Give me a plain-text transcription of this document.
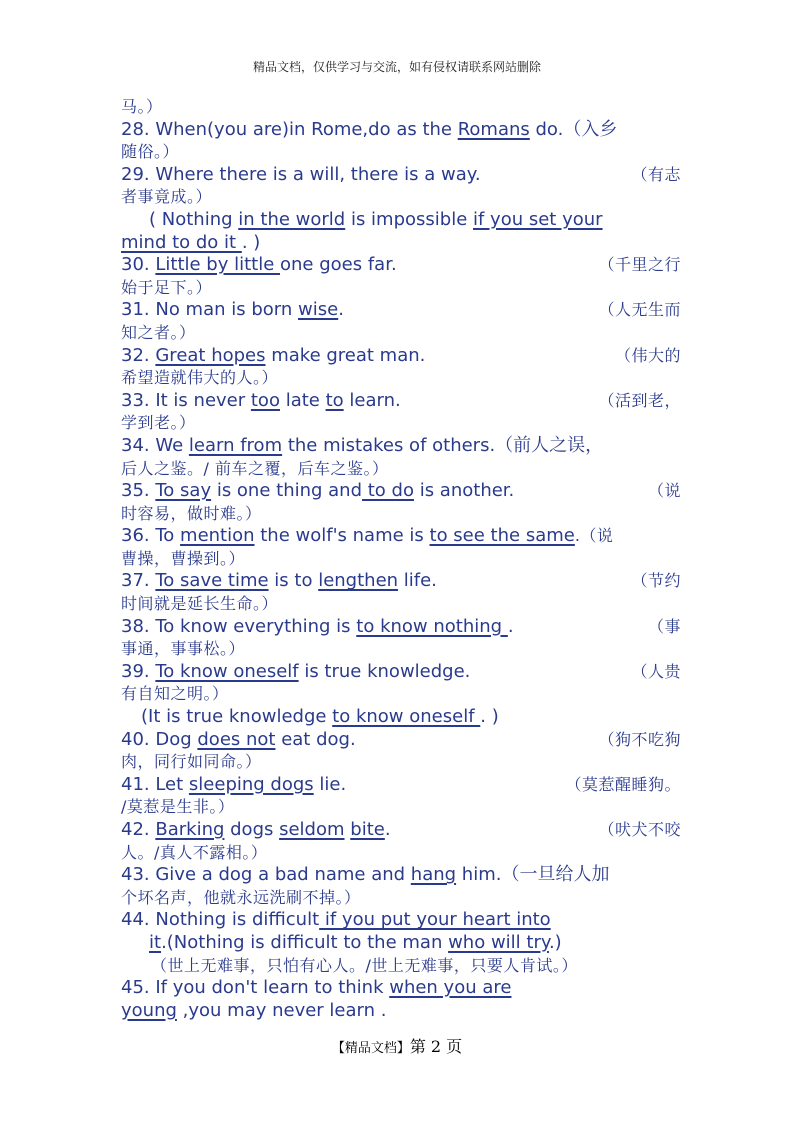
精品文档，仅供学习与交流，如有侵权请联系网站删除
马。）
28. When(you are)in Rome,do as the Romans do.（入乡
随俗。）
29. Where there is a will, there is a way.	（有志
者事竟成。）
( Nothing in the world is impossible if you set your
mind to do it . )
30. Little by little one goes far.	（千里之行
始于足下。）
31. No man is born wise.	（人无生而
知之者。）
32. Great hopes make great man.	（伟大的
希望造就伟大的人。）
33. It is never too late to learn.	（活到老，
学到老。）
34. We learn from the mistakes of others.（前人之误，
后人之鉴。/ 前车之覆，后车之鉴。）
35. To say is one thing and to do is another.	（说
时容易，做时难。）
36. To mention the wolf's name is to see the same.（说
曹操，曹操到。）
37. To save time is to lengthen life.	（节约
时间就是延长生命。）
38. To know everything is to know nothing .	（事
事通，事事松。）
39. To know oneself is true knowledge.	（人贵
有自知之明。）
(It is true knowledge to know oneself . )
40. Dog does not eat dog.	（狗不吃狗
肉，同行如同命。）
41. Let sleeping dogs lie.	（莫惹醒睡狗。
/莫惹是生非。）
42. Barking dogs seldom bite.	（吠犬不咬
人。/真人不露相。）
43. Give a dog a bad name and hang him.（一旦给人加
个坏名声，他就永远洗刷不掉。）
44. Nothing is difficult if you put your heart into
it.(Nothing is difficult to the man who will try.)
（世上无难事，只怕有心人。/世上无难事，只要人肯试。）
45. If you don't learn to think when you are
young ,you may never learn .
【精品文档】第 2 页
